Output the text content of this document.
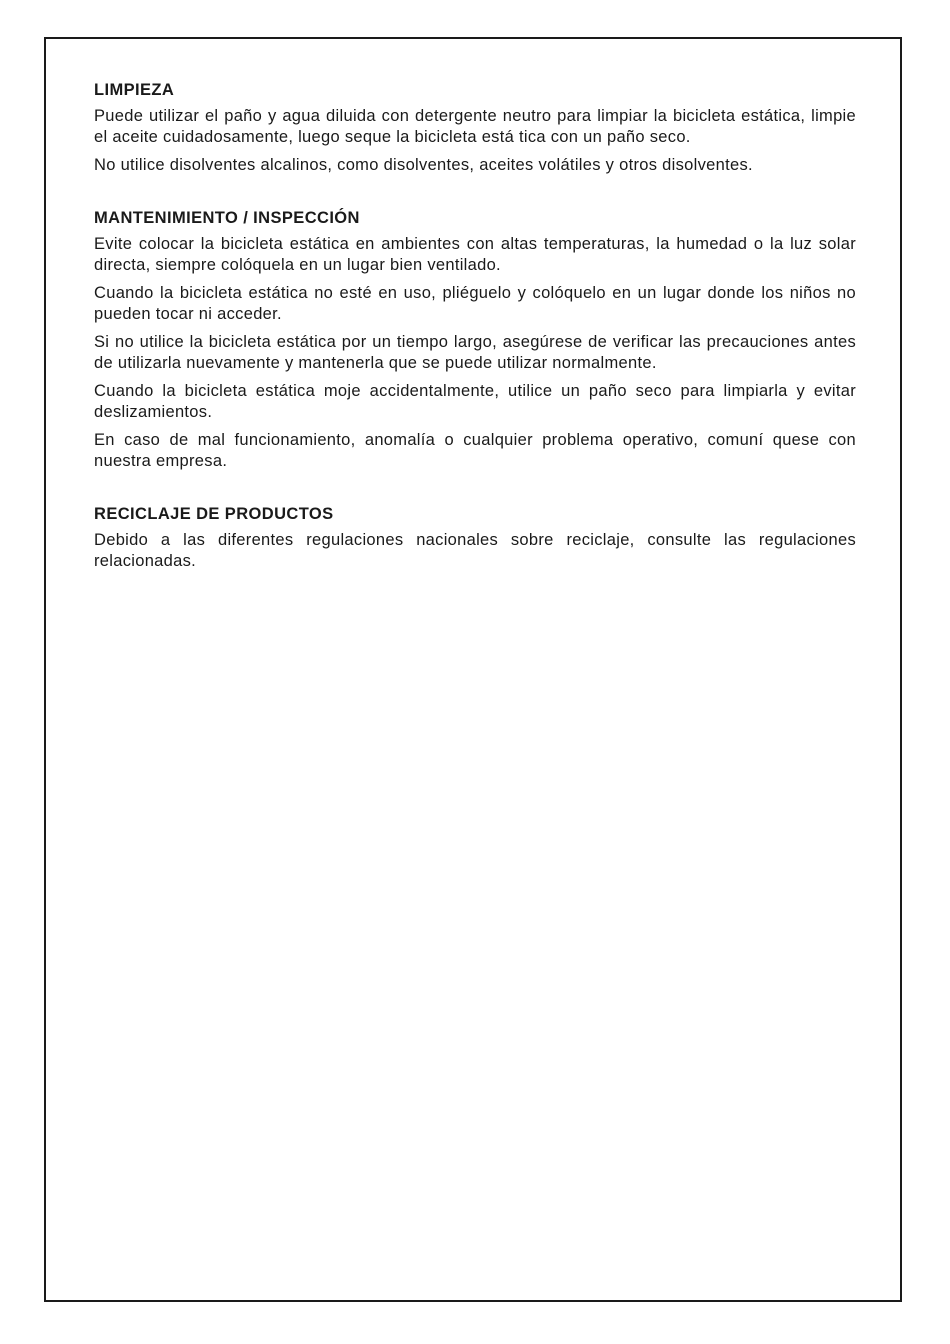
LIMPIEZA

Puede utilizar el paño y agua diluida con detergente neutro para limpiar la bicicleta estática, limpie el aceite cuidadosamente, luego seque la bicicleta está tica con un paño seco.

No utilice disolventes alcalinos, como disolventes, aceites volátiles y otros disolventes.

MANTENIMIENTO / INSPECCIÓN

Evite colocar la bicicleta estática en ambientes con altas temperaturas, la humedad o la luz solar directa, siempre colóquela en un lugar bien ventilado.

Cuando la bicicleta estática no esté en uso, pliéguelo y colóquelo en un lugar donde los niños no pueden tocar ni acceder.

Si no utilice la bicicleta estática por un tiempo largo, asegúrese de verificar las precauciones antes de utilizarla nuevamente y mantenerla que se puede utilizar normalmente.

Cuando la bicicleta estática moje accidentalmente, utilice un paño seco para limpiarla y evitar deslizamientos.

En caso de mal funcionamiento, anomalía o cualquier problema operativo, comuní quese con nuestra empresa.

RECICLAJE DE PRODUCTOS

Debido a las diferentes regulaciones nacionales sobre reciclaje, consulte las regulaciones relacionadas.
